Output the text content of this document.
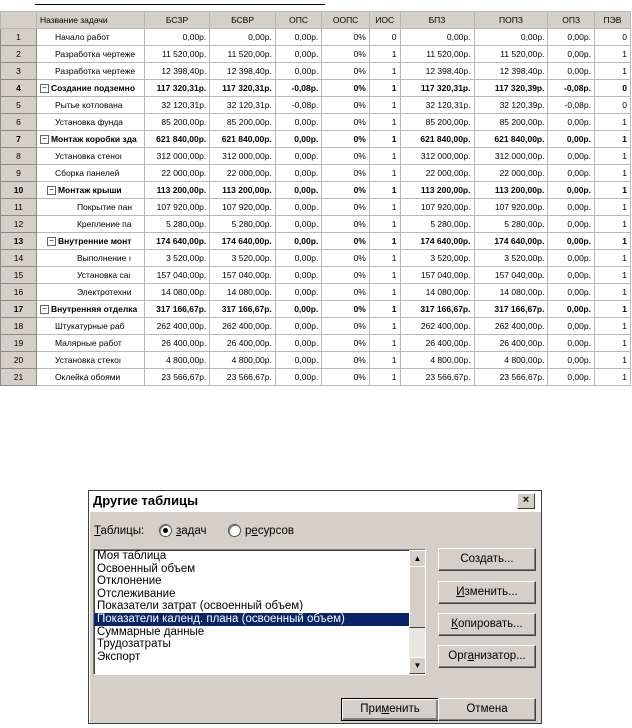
	Название задачи	БСЗР	БСВР	ОПС	ООПС	ИОС	БПЗ	ПОПЗ	ОПЗ	ПЭВ
1	Начало работ	0,00р.	0,00р.	0,00р.	0%	0	0,00р.	0,00р.	0,00р.	0
2	Разработка чертеже	11 520,00р.	11 520,00р.	0,00р.	0%	1	11 520,00р.	11 520,00р.	0,00р.	1
3	Разработка чертеже	12 398,40р.	12 398,40р.	0,00р.	0%	1	12 398,40р.	12 398,40р.	0,00р.	1
4	− Создание подземно	117 320,31р.	117 320,31р.	-0,08р.	0%	1	117 320,31р.	117 320,39р.	-0,08р.	0
5	Рытье котлована	32 120,31р.	32 120,31р.	-0,08р.	0%	1	32 120,31р.	32 120,39р.	-0,08р.	0
6	Установка фунда	85 200,00р.	85 200,00р.	0,00р.	0%	1	85 200,00р.	85 200,00р.	0,00р.	1
7	− Монтаж коробки зда	621 840,00р.	621 840,00р.	0,00р.	0%	1	621 840,00р.	621 840,00р.	0,00р.	1
8	Установка стеноı	312 000,00р.	312 000,00р.	0,00р.	0%	1	312 000,00р.	312 000,00р.	0,00р.	1
9	Сборка панелей	22 000,00р.	22 000,00р.	0,00р.	0%	1	22 000,00р.	22 000,00р.	0,00р.	1
10	− Монтаж крыши	113 200,00р.	113 200,00р.	0,00р.	0%	1	113 200,00р.	113 200,00р.	0,00р.	1
11	Покрытие пан	107 920,00р.	107 920,00р.	0,00р.	0%	1	107 920,00р.	107 920,00р.	0,00р.	1
12	Крепление па	5 280,00р.	5 280,00р.	0,00р.	0%	1	5 280,00р.	5 280,00р.	0,00р.	1
13	− Внутренние монт	174 640,00р.	174 640,00р.	0,00р.	0%	1	174 640,00р.	174 640,00р.	0,00р.	1
14	Выполнение ı	3 520,00р.	3 520,00р.	0,00р.	0%	1	3 520,00р.	3 520,00р.	0,00р.	1
15	Установка саı	157 040,00р.	157 040,00р.	0,00р.	0%	1	157 040,00р.	157 040,00р.	0,00р.	1
16	Электротехни	14 080,00р.	14 080,00р.	0,00р.	0%	1	14 080,00р.	14 080,00р.	0,00р.	1
17	− Внутренняя отделка	317 166,67р.	317 166,67р.	0,00р.	0%	1	317 166,67р.	317 166,67р.	0,00р.	1
18	Штукатурные раб	262 400,00р.	262 400,00р.	0,00р.	0%	1	262 400,00р.	262 400,00р.	0,00р.	1
19	Малярные работ	26 400,00р.	26 400,00р.	0,00р.	0%	1	26 400,00р.	26 400,00р.	0,00р.	1
20	Установка стекоı	4 800,00р.	4 800,00р.	0,00р.	0%	1	4 800,00р.	4 800,00р.	0,00р.	1
21	Оклейка обоями	23 566,67р.	23 566,67р.	0,00р.	0%	1	23 566,67р.	23 566,67р.	0,00р.	1
Другие таблицы	×
Таблицы:	задач	ресурсов
Моя таблица
Освоенный объем
Отклонение
Отслеживание
Показатели затрат (освоенный объем)
Показатели календ. плана (освоенный объем)
Суммарные данные
Трудозатраты
Экспорт
▲
▼
Создать...
Изменить...
Копировать...
Организатор...
Применить	Отмена
